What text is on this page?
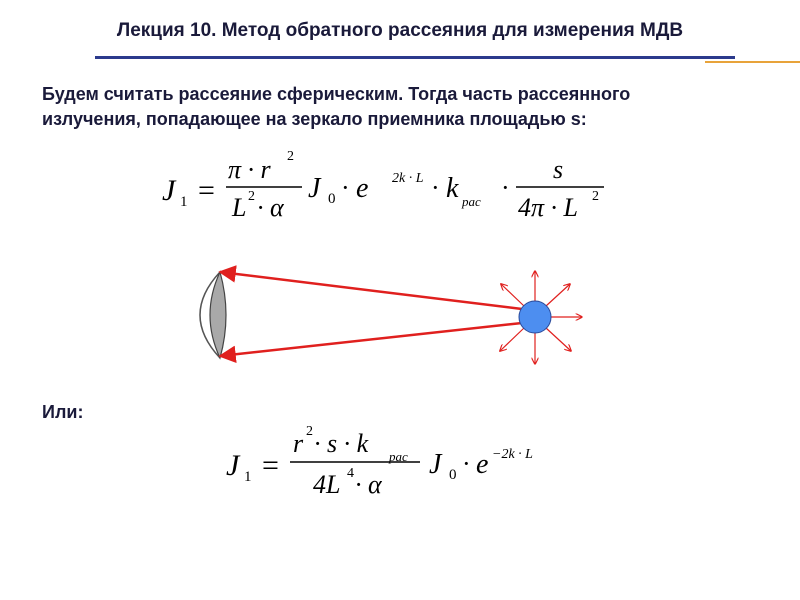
Лекция 10. Метод обратного рассеяния для измерения МДВ
Будем считать рассеяние сферическим. Тогда часть рассеянного
излучения, попадающее на зеркало приемника площадью s:
Или:
J 1 =
π · r 2
L 2 · α
J 0 · e 2k · L · k рас ·
s
4π · L 2
J 1 =
r 2 · s · k рас
4L 4 · α
J 0 · e −2k · L
